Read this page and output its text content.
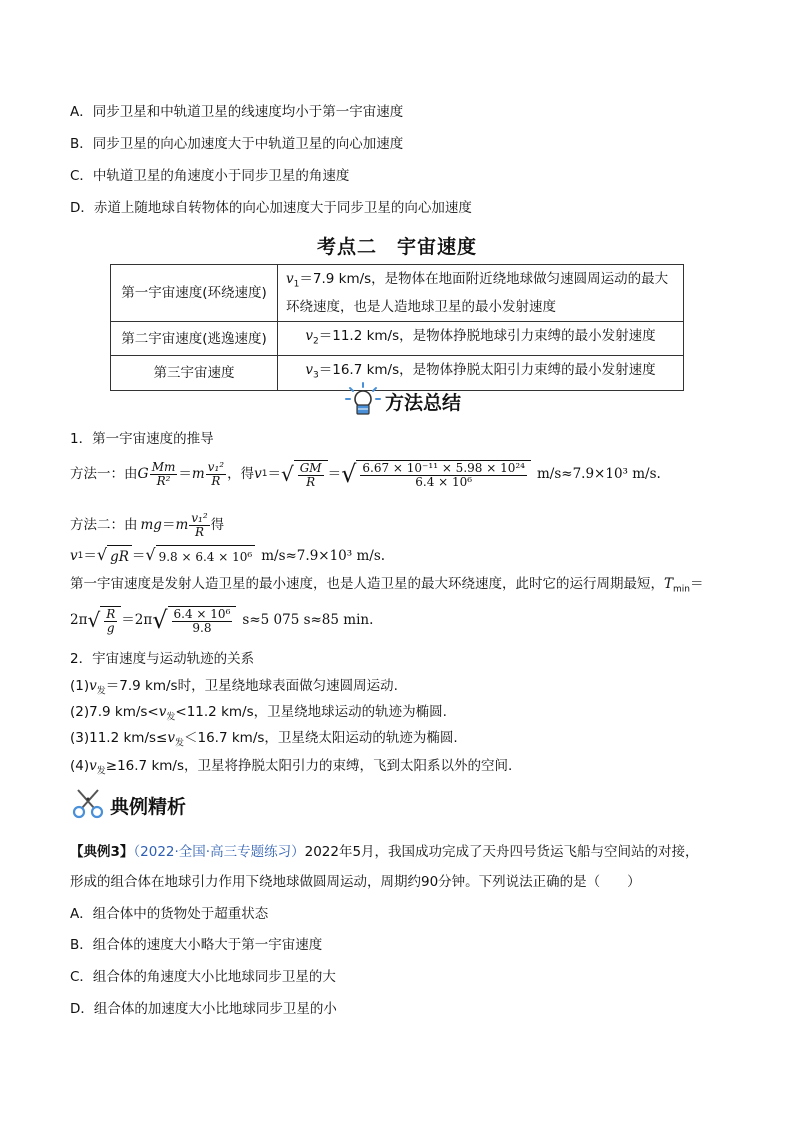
A．同步卫星和中轨道卫星的线速度均小于第一宇宙速度
B．同步卫星的向心加速度大于中轨道卫星的向心加速度
C．中轨道卫星的角速度小于同步卫星的角速度
D．赤道上随地球自转物体的向心加速度大于同步卫星的向心加速度
考点二　宇宙速度
第一宇宙速度(环绕速度)	$v_1=7.9$ km/s，是物体在地面附近绕地球做匀速圆周运动的最大环绕速度，也是人造地球卫星的最小发射速度
第二宇宙速度(逃逸速度)	$v_2=11.2$ km/s，是物体挣脱地球引力束缚的最小发射速度
第三宇宙速度	$v_3=16.7$ km/s，是物体挣脱太阳引力束缚的最小发射速度
方法总结
1．第一宇宙速度的推导
方法一：由 G $\frac{Mm}{\text{R²}} = m \frac{\text{v₁²}}{R}$ ，得 v 1 ＝ √ $\frac{GM}{R}$ ＝ √ $\frac{\text{6.67 × 10⁻¹¹ × 5.98 × 10²⁴}}{\text{6.4 × 10⁶}} m/s\approx 7.9\times 10^3$ m/s.
方法二：由 mg ＝ m $\frac{\text{v₁²}}{R}$ 得
v 1 ＝ √ gR ＝ √ 9.8 × 6.4 × 10⁶ m/s≈7.9×10³ m/s.
第一宇宙速度是发射人造卫星的最小速度，也是人造卫星的最大环绕速度，此时它的运行周期最短，$T_{min}=$
2π √ $\frac{R}{g} =2\pi$ √ $\frac{\text{6.4 × 10⁶}}{9.8} s\approx 5$ 075 s≈85 min.
2．宇宙速度与运动轨迹的关系
$(1)v_发=7.9$ km/s时，卫星绕地球表面做匀速圆周运动.
(2)7.9 $km/s<v_发<11.2$ km/s，卫星绕地球运动的轨迹为椭圆.
(3)11.2 $km/s\le v_发<16.7$ km/s，卫星绕太阳运动的轨迹为椭圆.
$(4)v_发\ge 16.7$ km/s，卫星将挣脱太阳引力的束缚，飞到太阳系以外的空间.
典例精析
【典例3】（2022·全国·高三专题练习）2022年5月，我国成功完成了天舟四号货运飞船与空间站的对接，
形成的组合体在地球引力作用下绕地球做圆周运动，周期约90分钟。下列说法正确的是（　　）
A．组合体中的货物处于超重状态
B．组合体的速度大小略大于第一宇宙速度
C．组合体的角速度大小比地球同步卫星的大
D．组合体的加速度大小比地球同步卫星的小
